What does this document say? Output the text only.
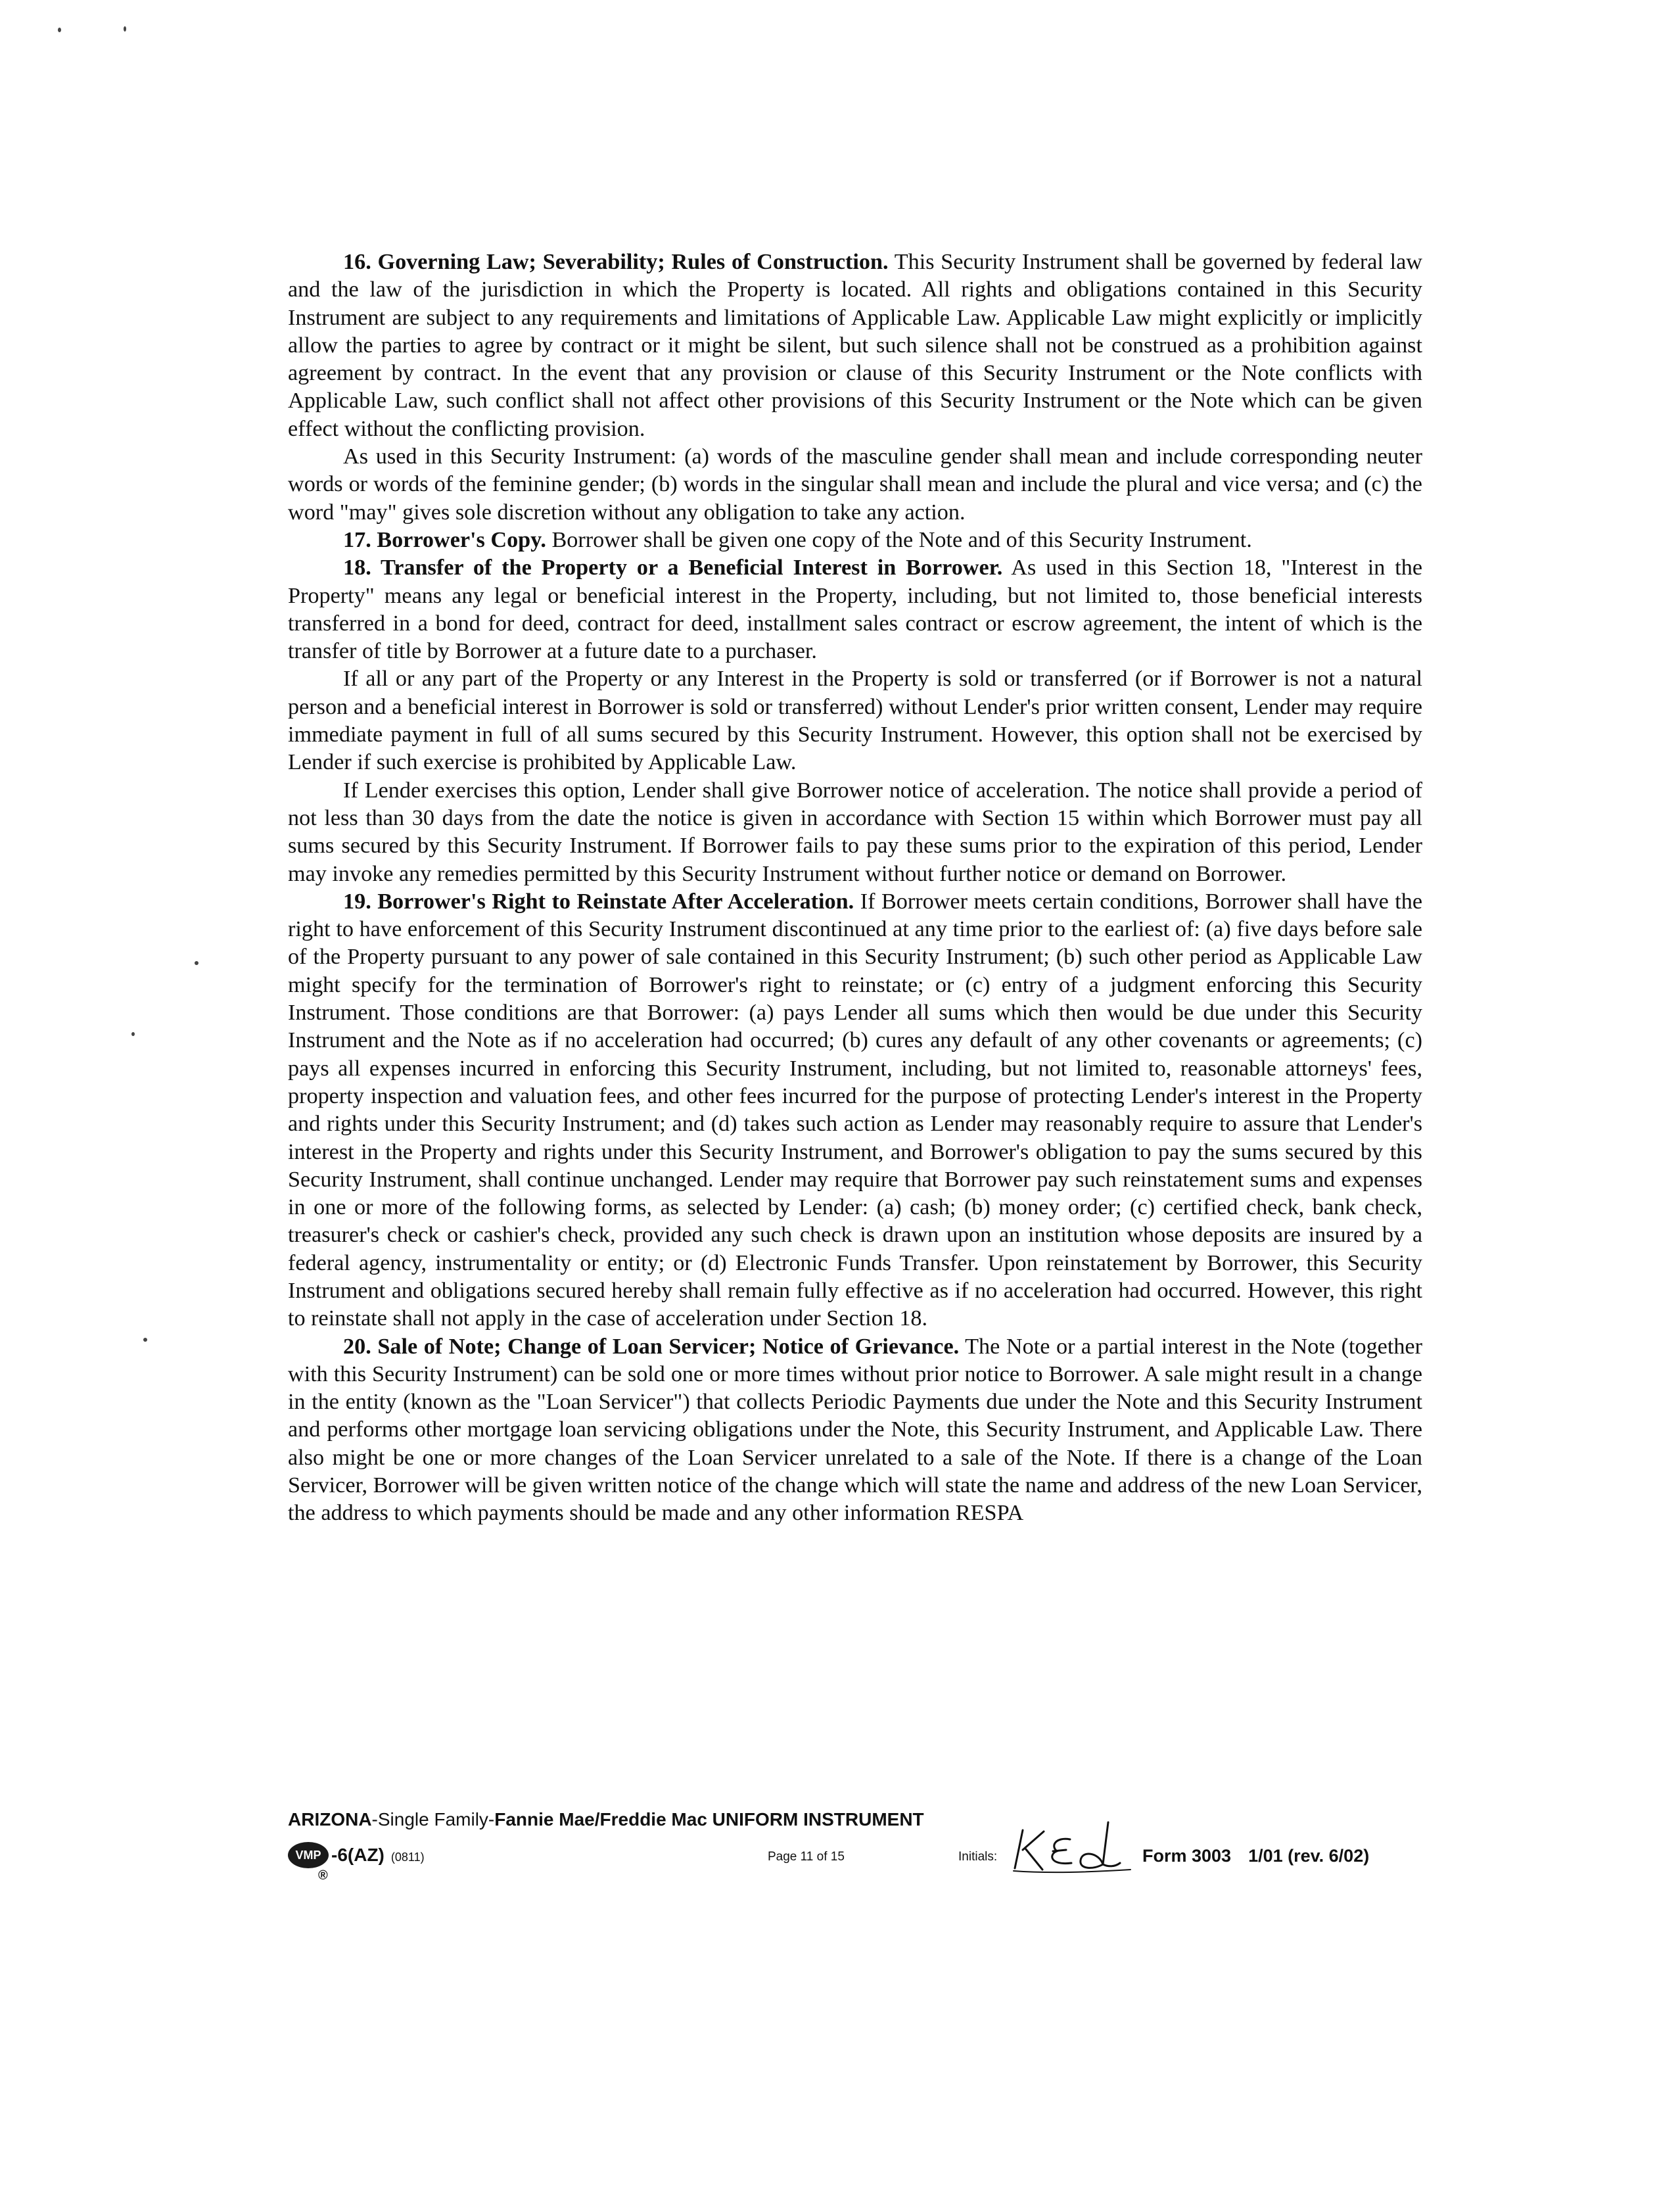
16. Governing Law; Severability; Rules of Construction. This Security Instrument shall be governed by federal law and the law of the jurisdiction in which the Property is located. All rights and obligations contained in this Security Instrument are subject to any requirements and limitations of Applicable Law. Applicable Law might explicitly or implicitly allow the parties to agree by contract or it might be silent, but such silence shall not be construed as a prohibition against agreement by contract. In the event that any provision or clause of this Security Instrument or the Note conflicts with Applicable Law, such conflict shall not affect other provisions of this Security Instrument or the Note which can be given effect without the conflicting provision.

As used in this Security Instrument: (a) words of the masculine gender shall mean and include corresponding neuter words or words of the feminine gender; (b) words in the singular shall mean and include the plural and vice versa; and (c) the word "may" gives sole discretion without any obligation to take any action.

17. Borrower's Copy. Borrower shall be given one copy of the Note and of this Security Instrument.

18. Transfer of the Property or a Beneficial Interest in Borrower. As used in this Section 18, "Interest in the Property" means any legal or beneficial interest in the Property, including, but not limited to, those beneficial interests transferred in a bond for deed, contract for deed, installment sales contract or escrow agreement, the intent of which is the transfer of title by Borrower at a future date to a purchaser.

If all or any part of the Property or any Interest in the Property is sold or transferred (or if Borrower is not a natural person and a beneficial interest in Borrower is sold or transferred) without Lender's prior written consent, Lender may require immediate payment in full of all sums secured by this Security Instrument. However, this option shall not be exercised by Lender if such exercise is prohibited by Applicable Law.

If Lender exercises this option, Lender shall give Borrower notice of acceleration. The notice shall provide a period of not less than 30 days from the date the notice is given in accordance with Section 15 within which Borrower must pay all sums secured by this Security Instrument. If Borrower fails to pay these sums prior to the expiration of this period, Lender may invoke any remedies permitted by this Security Instrument without further notice or demand on Borrower.

19. Borrower's Right to Reinstate After Acceleration. If Borrower meets certain conditions, Borrower shall have the right to have enforcement of this Security Instrument discontinued at any time prior to the earliest of: (a) five days before sale of the Property pursuant to any power of sale contained in this Security Instrument; (b) such other period as Applicable Law might specify for the termination of Borrower's right to reinstate; or (c) entry of a judgment enforcing this Security Instrument. Those conditions are that Borrower: (a) pays Lender all sums which then would be due under this Security Instrument and the Note as if no acceleration had occurred; (b) cures any default of any other covenants or agreements; (c) pays all expenses incurred in enforcing this Security Instrument, including, but not limited to, reasonable attorneys' fees, property inspection and valuation fees, and other fees incurred for the purpose of protecting Lender's interest in the Property and rights under this Security Instrument; and (d) takes such action as Lender may reasonably require to assure that Lender's interest in the Property and rights under this Security Instrument, and Borrower's obligation to pay the sums secured by this Security Instrument, shall continue unchanged. Lender may require that Borrower pay such reinstatement sums and expenses in one or more of the following forms, as selected by Lender: (a) cash; (b) money order; (c) certified check, bank check, treasurer's check or cashier's check, provided any such check is drawn upon an institution whose deposits are insured by a federal agency, instrumentality or entity; or (d) Electronic Funds Transfer. Upon reinstatement by Borrower, this Security Instrument and obligations secured hereby shall remain fully effective as if no acceleration had occurred. However, this right to reinstate shall not apply in the case of acceleration under Section 18.

20. Sale of Note; Change of Loan Servicer; Notice of Grievance. The Note or a partial interest in the Note (together with this Security Instrument) can be sold one or more times without prior notice to Borrower. A sale might result in a change in the entity (known as the "Loan Servicer") that collects Periodic Payments due under the Note and this Security Instrument and performs other mortgage loan servicing obligations under the Note, this Security Instrument, and Applicable Law. There also might be one or more changes of the Loan Servicer unrelated to a sale of the Note. If there is a change of the Loan Servicer, Borrower will be given written notice of the change which will state the name and address of the new Loan Servicer, the address to which payments should be made and any other information RESPA

ARIZONA-Single Family-Fannie Mae/Freddie Mac UNIFORM INSTRUMENT
VMP
®
-6(AZ) (0811)	Page 11 of 15	Initials:	Form 3003 1/01 (rev. 6/02)
